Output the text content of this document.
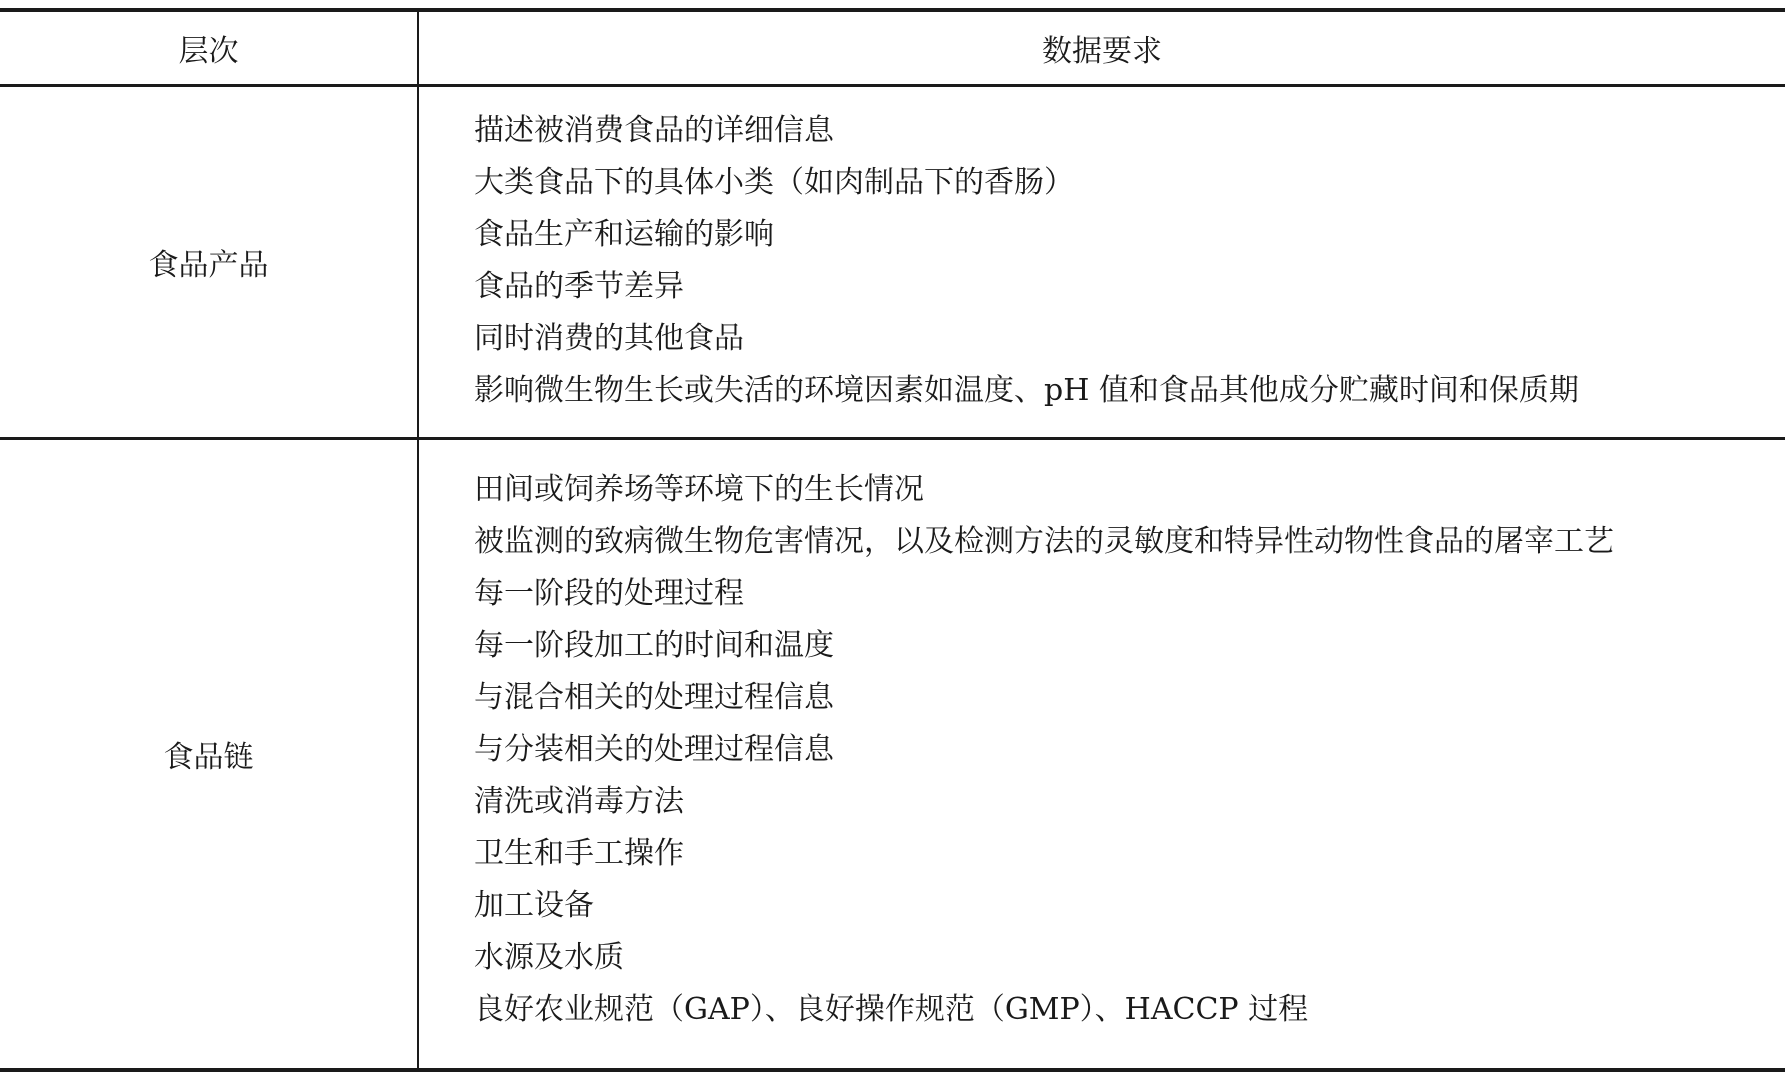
层次	数据要求
食品产品
描述被消费食品的详细信息
大类食品下的具体小类（如肉制品下的香肠）
食品生产和运输的影响
食品的季节差异
同时消费的其他食品
影响微生物生长或失活的环境因素如温度、pH 值和食品其他成分贮藏时间和保质期
食品链
田间或饲养场等环境下的生长情况
被监测的致病微生物危害情况，以及检测方法的灵敏度和特异性动物性食品的屠宰工艺
每一阶段的处理过程
每一阶段加工的时间和温度
与混合相关的处理过程信息
与分装相关的处理过程信息
清洗或消毒方法
卫生和手工操作
加工设备
水源及水质
良好农业规范（GAP）、良好操作规范（GMP）、HACCP 过程
